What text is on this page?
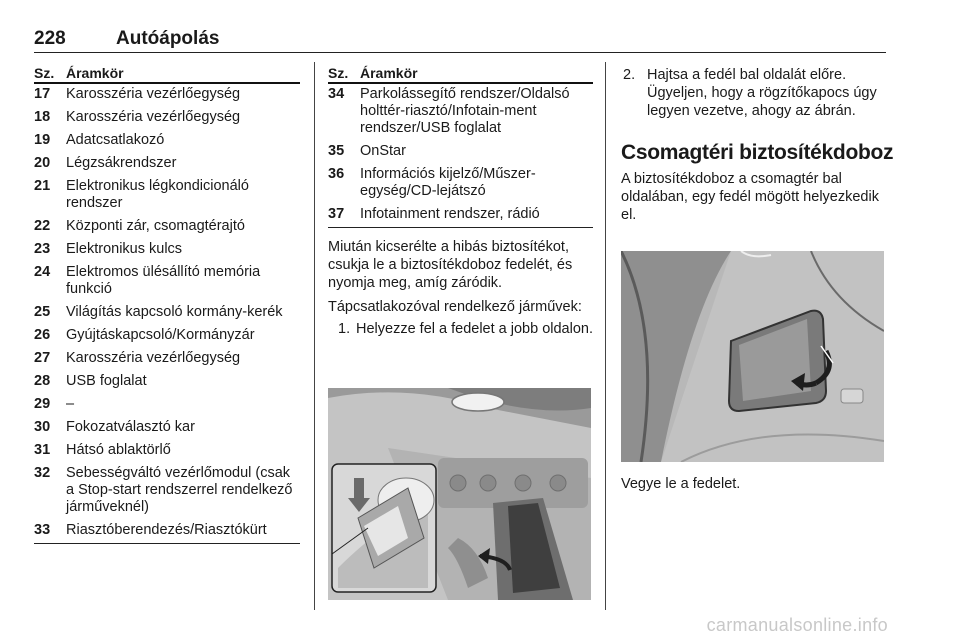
228	Autóápolás
Sz. Áramkör
17 Karosszéria vezérlőegység
18 Karosszéria vezérlőegység
19 Adatcsatlakozó
20 Légzsákrendszer
21 Elektronikus légkondicionáló rendszer
22 Központi zár, csomagtérajtó
23 Elektronikus kulcs
24 Elektromos ülésállító memória funkció
25 Világítás kapcsoló kormány-kerék
26 Gyújtáskapcsoló/Kormányzár
27 Karosszéria vezérlőegység
28 USB foglalat
29 –
30 Fokozatválasztó kar
31 Hátsó ablaktörlő
32 Sebességváltó vezérlőmodul (csak a Stop-start rendszerrel rendelkező járműveknél)
33 Riasztóberendezés/Riasztókürt
Sz. Áramkör
34 Parkolássegítő rendszer/Oldalsó holttér-riasztó/Infotain-ment rendszer/USB foglalat
35 OnStar
36 Információs kijelző/Műszer-egység/CD-lejátszó
37 Infotainment rendszer, rádió

Miután kicserélte a hibás biztosítékot, csukja le a biztosítékdoboz fedelét, és nyomja meg, amíg záródik.

Tápcsatlakozóval rendelkező járművek:

1. Helyezze fel a fedelet a jobb oldalon.
2. Hajtsa a fedél bal oldalát előre. Ügyeljen, hogy a rögzítőkapocs úgy legyen vezetve, ahogy az ábrán.
Csomagtéri biztosítékdoboz

A biztosítékdoboz a csomagtér bal oldalában, egy fedél mögött helyezkedik el.

Vegye le a fedelet.

carmanualsonline.info
